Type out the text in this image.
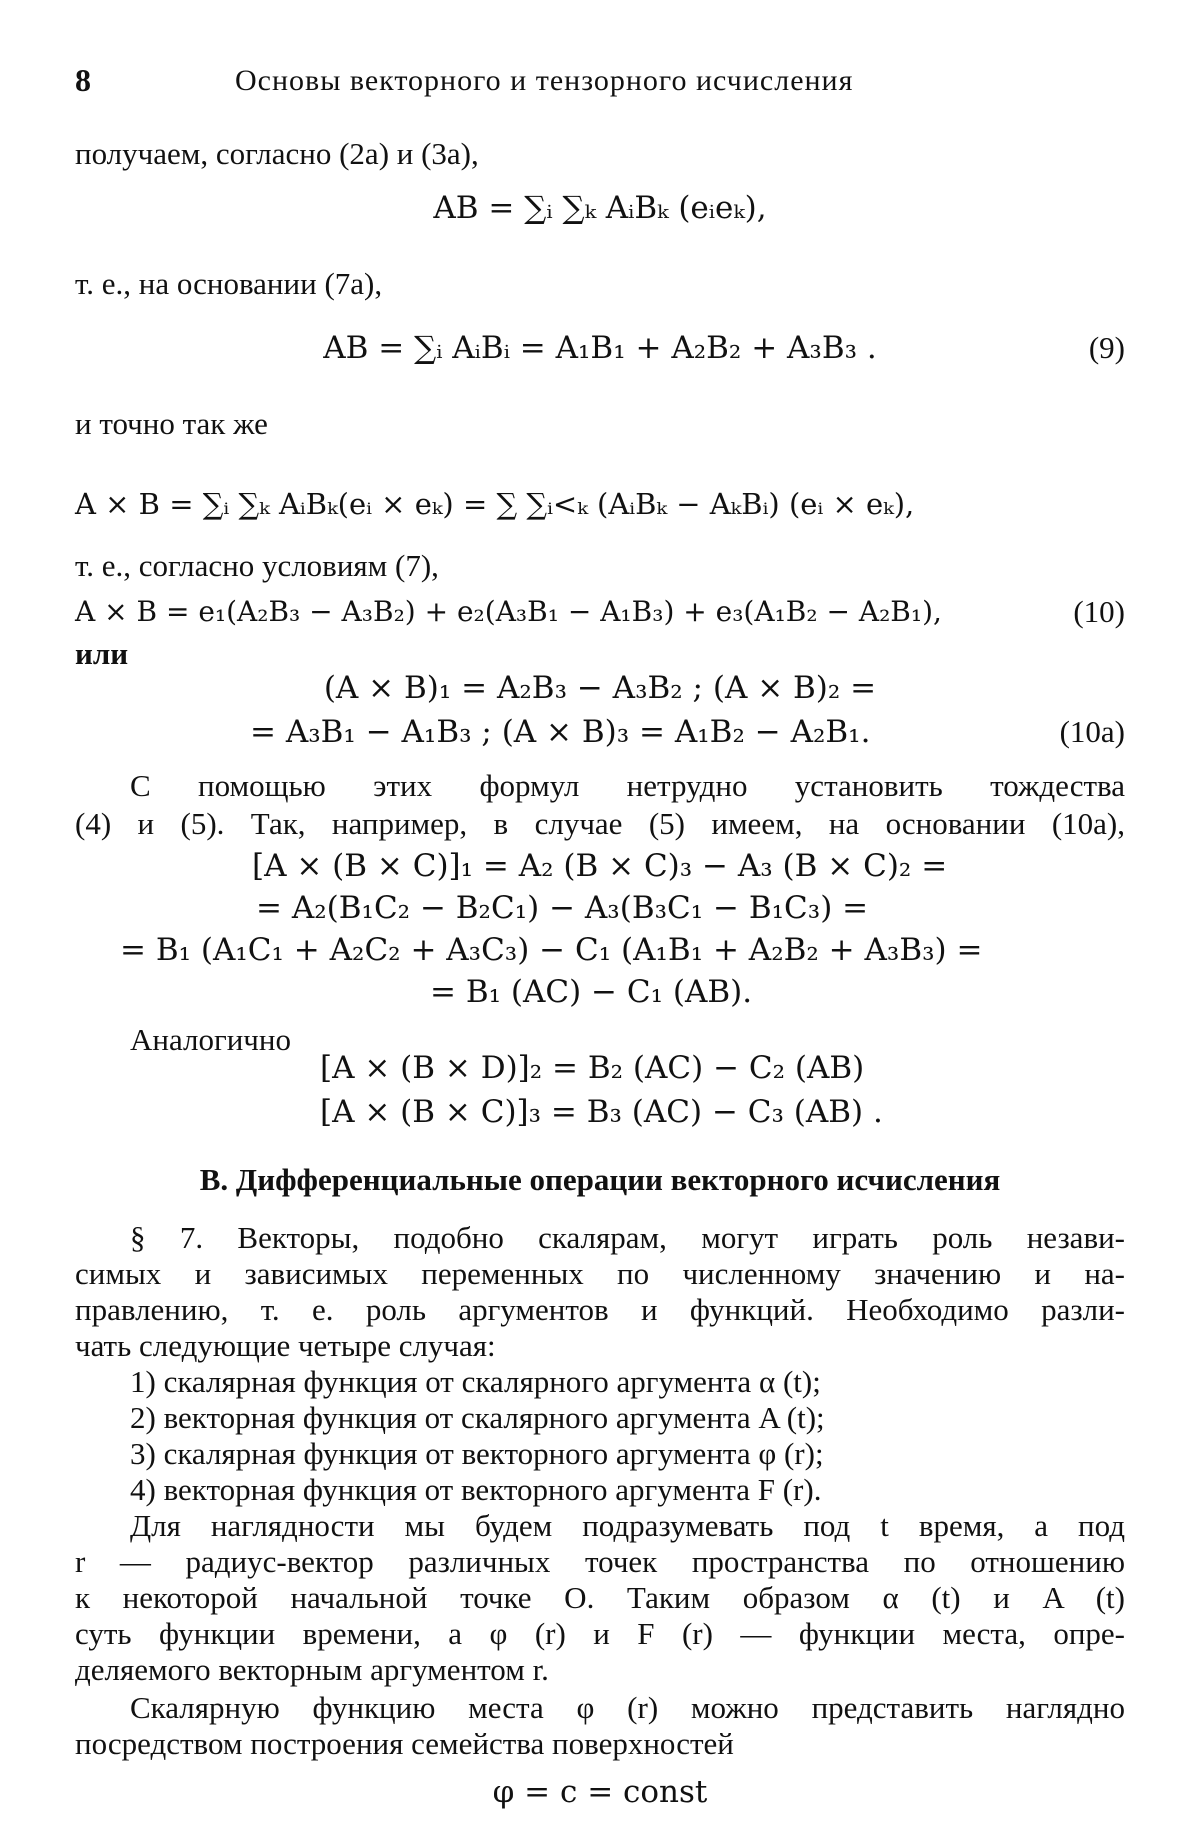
8	Основы векторного и тензорного исчисления
получаем, согласно (2а) и (3а),
AB = ∑ᵢ ∑ₖ AᵢBₖ (eᵢeₖ),
т. е., на основании (7а),
AB = ∑ᵢ AᵢBᵢ = A₁B₁ + A₂B₂ + A₃B₃ .	(9)
и точно так же
A × B = ∑ᵢ ∑ₖ AᵢBₖ(eᵢ × eₖ) = ∑ ∑ᵢ<ₖ (AᵢBₖ − AₖBᵢ) (eᵢ × eₖ),
т. е., согласно условиям (7),
A × B = e₁(A₂B₃ − A₃B₂) + e₂(A₃B₁ − A₁B₃) + e₃(A₁B₂ − A₂B₁),	(10)
или
(A × B)₁ = A₂B₃ − A₃B₂ ; (A × B)₂ =
= A₃B₁ − A₁B₃ ; (A × B)₃ = A₁B₂ − A₂B₁.	(10а)
С помощью этих формул нетрудно установить тождества
(4) и (5). Так, например, в случае (5) имеем, на основании (10а),
[A × (B × C)]₁ = A₂ (B × C)₃ − A₃ (B × C)₂ =
= A₂(B₁C₂ − B₂C₁) − A₃(B₃C₁ − B₁C₃) =
= B₁ (A₁C₁ + A₂C₂ + A₃C₃) − C₁ (A₁B₁ + A₂B₂ + A₃B₃) =
= B₁ (AC) − C₁ (AB).
Аналогично
[A × (B × D)]₂ = B₂ (AC) − C₂ (AB)
[A × (B × C)]₃ = B₃ (AC) − C₃ (AB) .
B. Дифференциальные операции векторного исчисления
§ 7. Векторы, подобно скалярам, могут играть роль незави-
симых и зависимых переменных по численному значению и на-
правлению, т. е. роль аргументов и функций. Необходимо разли-
чать следующие четыре случая:
1) скалярная функция от скалярного аргумента α (t);
2) векторная функция от скалярного аргумента A (t);
3) скалярная функция от векторного аргумента φ (r);
4) векторная функция от векторного аргумента F (r).
Для наглядности мы будем подразумевать под t время, а под
r — радиус-вектор различных точек пространства по отношению
к некоторой начальной точке O. Таким образом α (t) и A (t)
суть функции времени, а φ (r) и F (r) — функции места, опре-
деляемого векторным аргументом r.
Скалярную функцию места φ (r) можно представить наглядно
посредством построения семейства поверхностей
φ = c = const
